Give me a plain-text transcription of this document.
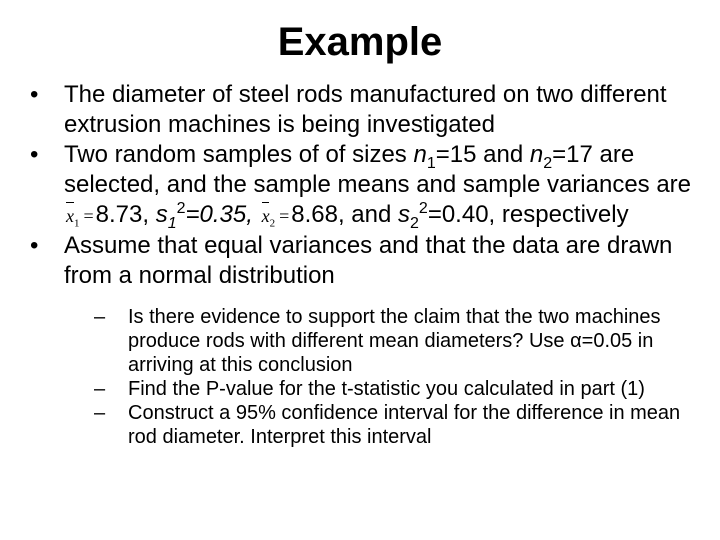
Example
•	The diameter of steel rods manufactured on two different extrusion machines is being investigated
•	Two random samples of of sizes $n_1=15$ and $n_2=17$ are selected, and the sample means and sample variances are
$x_1 =8.73$, $s_1^2=0.35$,
$x_2 =8.68$, and $s_2^2=0.40$, respectively
•	Assume that equal variances and that the data are drawn from a normal distribution
– Is there evidence to support the claim that the two machines produce rods with different mean diameters? Use α=0.05 in arriving at this conclusion
– Find the P-value for the t-statistic you calculated in part (1)
– Construct a 95% confidence interval for the difference in mean rod diameter. Interpret this interval
